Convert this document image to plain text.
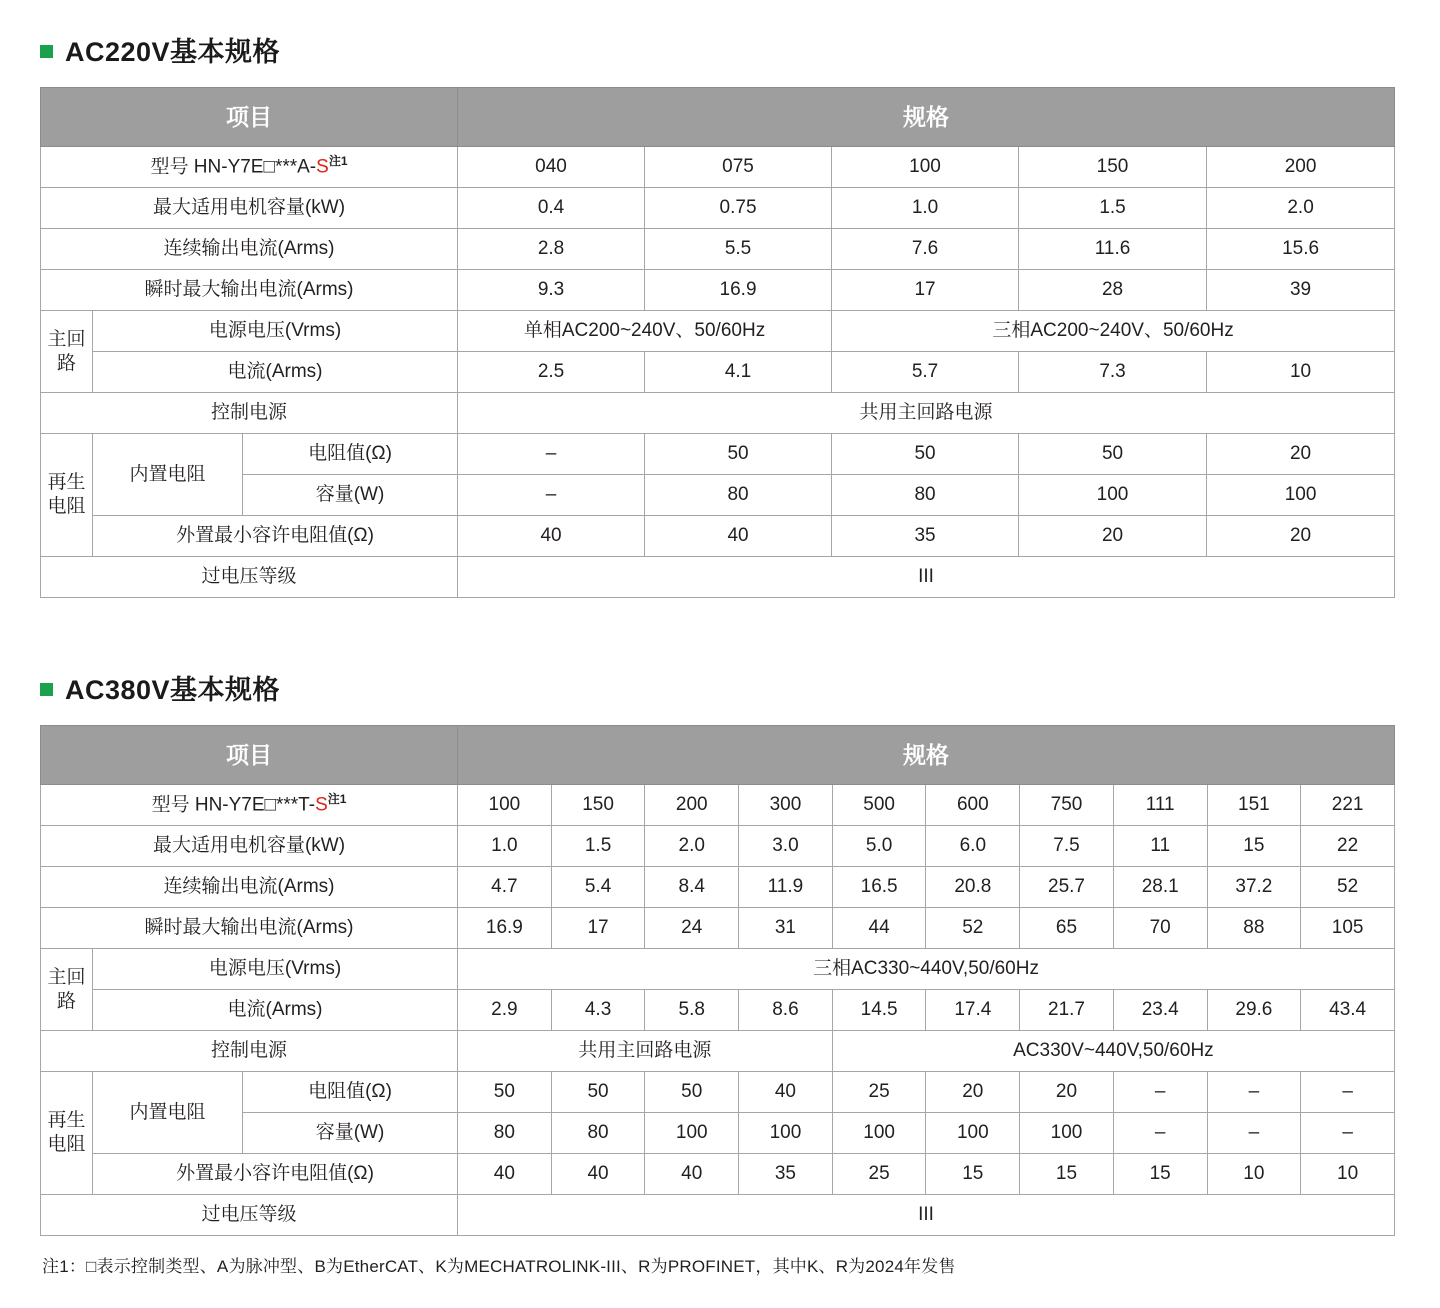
AC220V基本规格
项目			规格				
型号 HN-Y7E□***A-S$^{注1}$			040	075	100	150	200
最大适用电机容量(kW)			0.4	0.75	1.0	1.5	2.0
连续输出电流(Arms)			2.8	5.5	7.6	11.6	15.6
瞬时最大输出电流(Arms)			9.3	16.9	17	28	39
主回路	电源电压(Vrms)		单相AC200~240V、50/60Hz		三相AC200~240V、50/60Hz		
	电流(Arms)		2.5	4.1	5.7	7.3	10
控制电源			共用主回路电源				
再生电阻	内置电阻	电阻值(Ω)	–	50	50	50	20
		容量(W)	–	80	80	100	100
	外置最小容许电阻值(Ω)		40	40	35	20	20
过电压等级			III				
AC380V基本规格
项目			规格									
型号 HN-Y7E□***T-S$^{注1}$			100	150	200	300	500	600	750	111	151	221
最大适用电机容量(kW)			1.0	1.5	2.0	3.0	5.0	6.0	7.5	11	15	22
连续输出电流(Arms)			4.7	5.4	8.4	11.9	16.5	20.8	25.7	28.1	37.2	52
瞬时最大输出电流(Arms)			16.9	17	24	31	44	52	65	70	88	105
主回路	电源电压(Vrms)		三相AC330~440V,50/60Hz									
	电流(Arms)		2.9	4.3	5.8	8.6	14.5	17.4	21.7	23.4	29.6	43.4
控制电源			共用主回路电源				AC330V~440V,50/60Hz					
再生电阻	内置电阻	电阻值(Ω)	50	50	50	40	25	20	20	–	–	–
		容量(W)	80	80	100	100	100	100	100	–	–	–
	外置最小容许电阻值(Ω)		40	40	40	35	25	15	15	15	10	10
过电压等级			III									
注1：□表示控制类型、A为脉冲型、B为EtherCAT、K为MECHATROLINK-III、R为PROFINET，其中K、R为2024年发售
